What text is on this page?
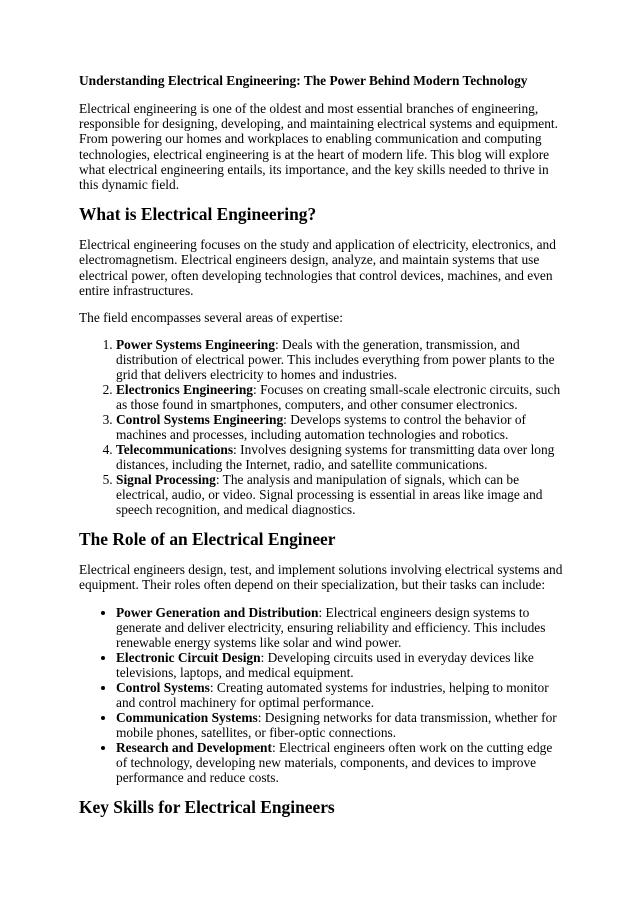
Understanding Electrical Engineering: The Power Behind Modern Technology

Electrical engineering is one of the oldest and most essential branches of engineering, responsible for designing, developing, and maintaining electrical systems and equipment. From powering our homes and workplaces to enabling communication and computing technologies, electrical engineering is at the heart of modern life. This blog will explore what electrical engineering entails, its importance, and the key skills needed to thrive in this dynamic field.

What is Electrical Engineering?

Electrical engineering focuses on the study and application of electricity, electronics, and electromagnetism. Electrical engineers design, analyze, and maintain systems that use electrical power, often developing technologies that control devices, machines, and even entire infrastructures.

The field encompasses several areas of expertise:

1. Power Systems Engineering: Deals with the generation, transmission, and distribution of electrical power. This includes everything from power plants to the grid that delivers electricity to homes and industries.
2. Electronics Engineering: Focuses on creating small-scale electronic circuits, such as those found in smartphones, computers, and other consumer electronics.
3. Control Systems Engineering: Develops systems to control the behavior of machines and processes, including automation technologies and robotics.
4. Telecommunications: Involves designing systems for transmitting data over long distances, including the Internet, radio, and satellite communications.
5. Signal Processing: The analysis and manipulation of signals, which can be electrical, audio, or video. Signal processing is essential in areas like image and speech recognition, and medical diagnostics.
The Role of an Electrical Engineer

Electrical engineers design, test, and implement solutions involving electrical systems and equipment. Their roles often depend on their specialization, but their tasks can include:

• Power Generation and Distribution: Electrical engineers design systems to generate and deliver electricity, ensuring reliability and efficiency. This includes renewable energy systems like solar and wind power.
• Electronic Circuit Design: Developing circuits used in everyday devices like televisions, laptops, and medical equipment.
• Control Systems: Creating automated systems for industries, helping to monitor and control machinery for optimal performance.
• Communication Systems: Designing networks for data transmission, whether for mobile phones, satellites, or fiber-optic connections.
• Research and Development: Electrical engineers often work on the cutting edge of technology, developing new materials, components, and devices to improve performance and reduce costs.
Key Skills for Electrical Engineers
